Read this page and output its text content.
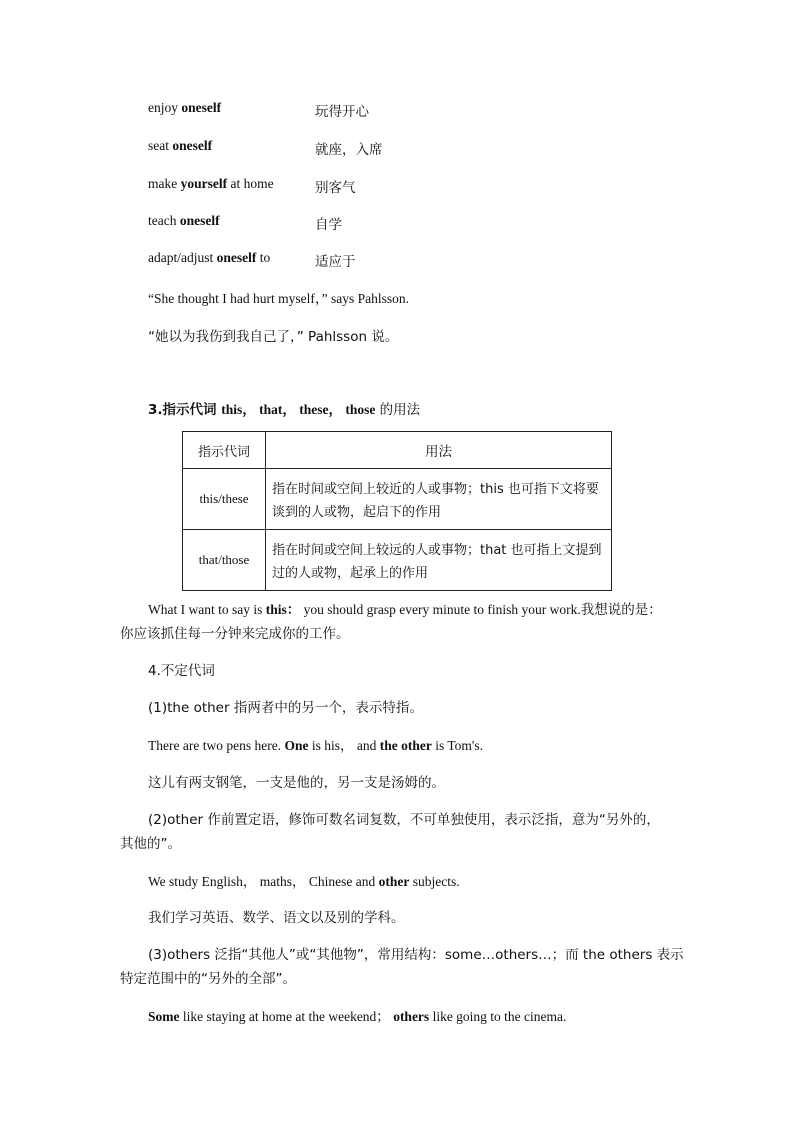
enjoy oneself	玩得开心
seat oneself	就座，入席
make yourself at home	别客气
teach oneself	自学
adapt/adjust oneself to	适应于
“She thought I had hurt myself，” says Pahlsson.
“她以为我伤到我自己了，” Pahlsson 说。
3.指示代词 this， that， these， those 的用法
指示代词	用法
this/these	指在时间或空间上较近的人或事物；this 也可指下文将要谈到的人或物，起启下的作用
that/those	指在时间或空间上较远的人或事物；that 也可指上文提到过的人或物，起承上的作用
What I want to say is this： you should grasp every minute to finish your work.我想说的是：
你应该抓住每一分钟来完成你的工作。
4.不定代词
(1)the other 指两者中的另一个，表示特指。
There are two pens here. One is his， and the other is Tom's.
这儿有两支钢笔，一支是他的，另一支是汤姆的。
(2)other 作前置定语，修饰可数名词复数，不可单独使用，表示泛指，意为“另外的，
其他的”。
We study English， maths， Chinese and other subjects.
我们学习英语、数学、语文以及别的学科。
(3)others 泛指“其他人”或“其他物”，常用结构：some…others…；而 the others 表示
特定范围中的“另外的全部”。
Some like staying at home at the weekend； others like going to the cinema.
